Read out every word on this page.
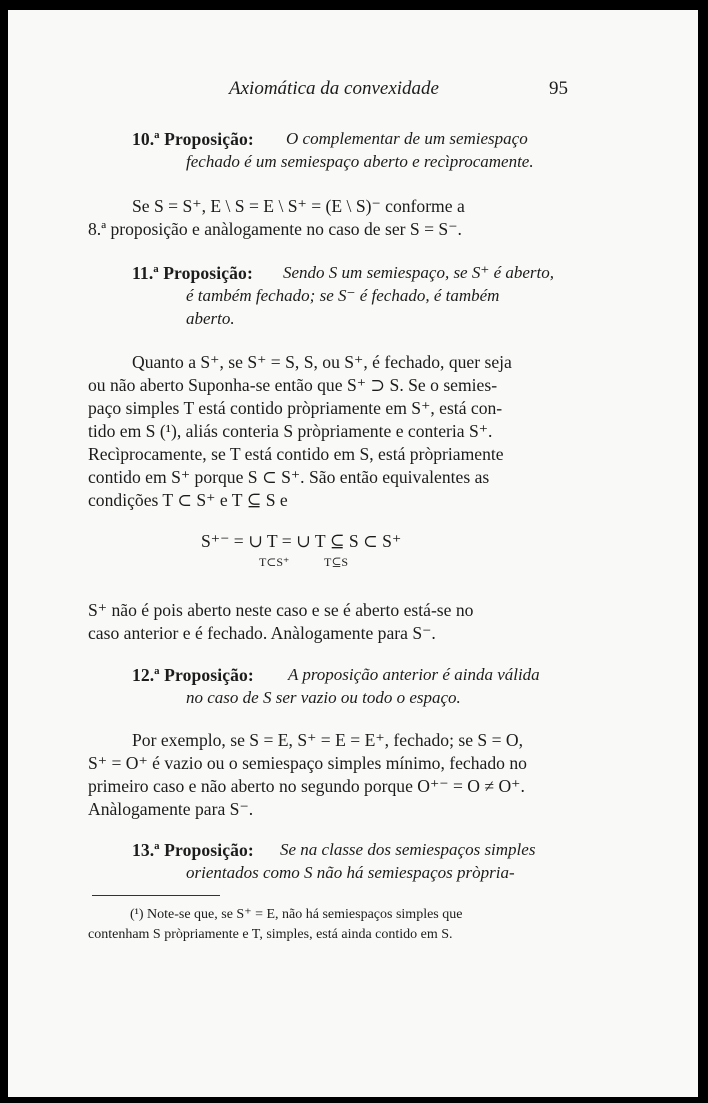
Axiomática da convexidade	95
10.ª Proposição: O complementar de um semiespaço
fechado é um semiespaço aberto e recìprocamente.
Se S = S⁺, E \ S = E \ S⁺ = (E \ S)⁻ conforme a
8.ª proposição e anàlogamente no caso de ser S = S⁻.
11.ª Proposição: Sendo S um semiespaço, se S⁺ é aberto,
é também fechado; se S⁻ é fechado, é também
aberto.
Quanto a S⁺, se S⁺ = S, S, ou S⁺, é fechado, quer seja
ou não aberto Suponha-se então que S⁺ ⊃ S. Se o semies-
paço simples T está contido pròpriamente em S⁺, está con-
tido em S (¹), aliás conteria S pròpriamente e conteria S⁺.
Recìprocamente, se T está contido em S, está pròpriamente
contido em S⁺ porque S ⊂ S⁺. São então equivalentes as
condições T ⊂ S⁺ e T ⊆ S e
S⁺⁻ = ∪ T = ∪ T ⊆ S ⊂ S⁺
T⊂S⁺	T⊆S
S⁺ não é pois aberto neste caso e se é aberto está-se no
caso anterior e é fechado. Anàlogamente para S⁻.
12.ª Proposição: A proposição anterior é ainda válida
no caso de S ser vazio ou todo o espaço.
Por exemplo, se S = E, S⁺ = E = E⁺, fechado; se S = O,
S⁺ = O⁺ é vazio ou o semiespaço simples mínimo, fechado no
primeiro caso e não aberto no segundo porque O⁺⁻ = O ≠ O⁺.
Anàlogamente para S⁻.
13.ª Proposição: Se na classe dos semiespaços simples
orientados como S não há semiespaços pròpria-
(¹) Note-se que, se S⁺ = E, não há semiespaços simples que
contenham S pròpriamente e T, simples, está ainda contido em S.
